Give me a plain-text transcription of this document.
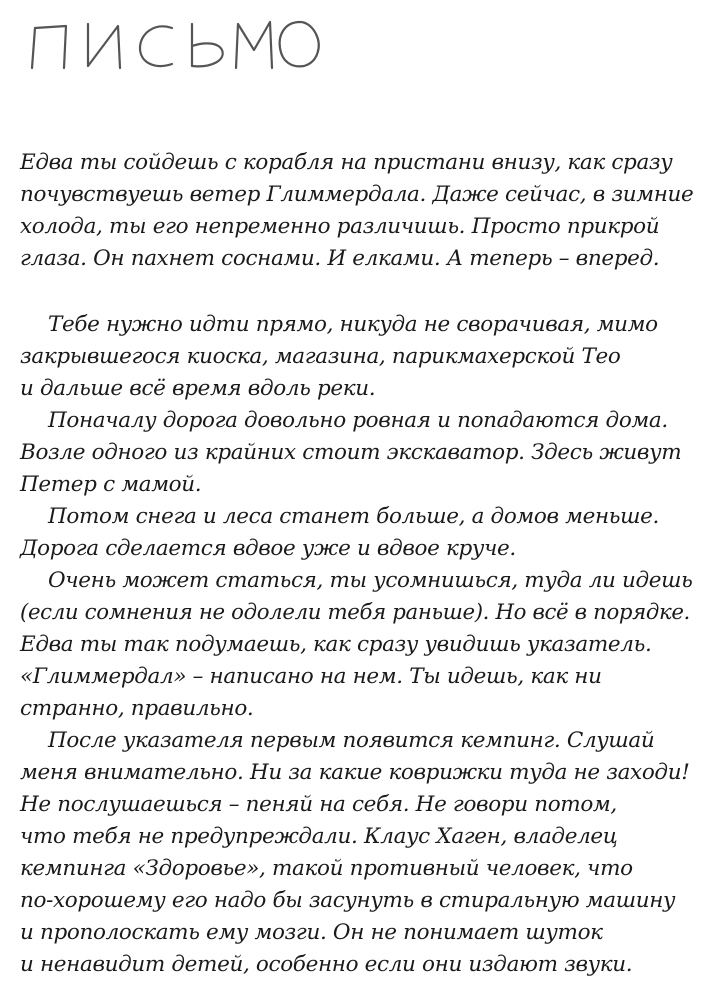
Едва ты сойдешь с корабля на пристани внизу, как сразу
почувствуешь ветер Глиммердала. Даже сейчас, в зимние
холода, ты его непременно различишь. Просто прикрой
глаза. Он пахнет соснами. И елками. А теперь – вперед.
Тебе нужно идти прямо, никуда не сворачивая, мимо
закрывшегося киоска, магазина, парикмахерской Тео
и дальше всё время вдоль реки.
Поначалу дорога довольно ровная и попадаются дома.
Возле одного из крайних стоит экскаватор. Здесь живут
Петер с мамой.
Потом снега и леса станет больше, а домов меньше.
Дорога сделается вдвое уже и вдвое круче.
Очень может статься, ты усомнишься, туда ли идешь
(если сомнения не одолели тебя раньше). Но всё в порядке.
Едва ты так подумаешь, как сразу увидишь указатель.
«Глиммердал» – написано на нем. Ты идешь, как ни
странно, правильно.
После указателя первым появится кемпинг. Слушай
меня внимательно. Ни за какие коврижки туда не заходи!
Не послушаешься – пеняй на себя. Не говори потом,
что тебя не предупреждали. Клаус Хаген, владелец
кемпинга «Здоровье», такой противный человек, что
по-хорошему его надо бы засунуть в стиральную машину
и прополоскать ему мозги. Он не понимает шуток
и ненавидит детей, особенно если они издают звуки.
